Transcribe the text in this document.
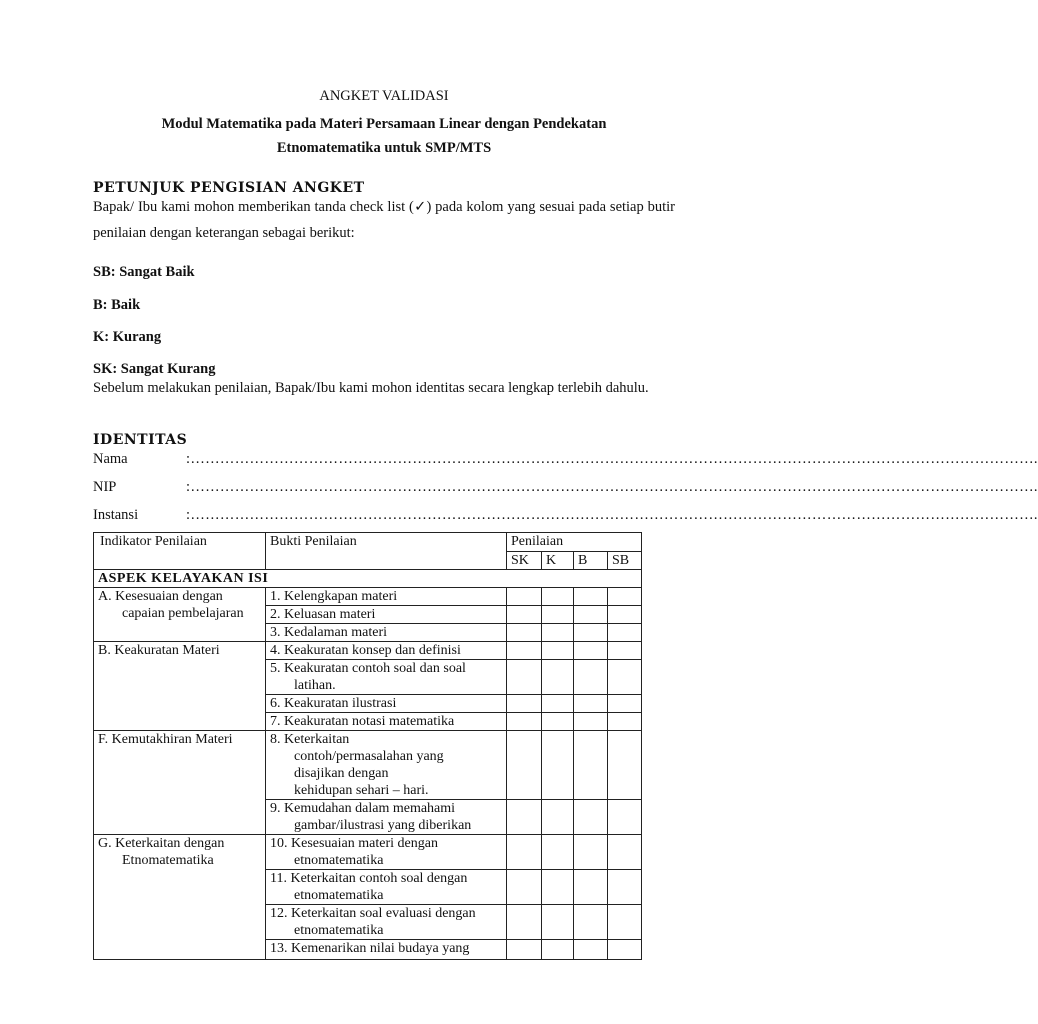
ANGKET VALIDASI
Modul Matematika pada Materi Persamaan Linear dengan Pendekatan
Etnomatematika untuk SMP/MTS
PETUNJUK PENGISIAN ANGKET
Bapak/ Ibu kami mohon memberikan tanda check list (✓) pada kolom yang sesuai pada setiap butir penilaian dengan keterangan sebagai berikut:
SB: Sangat Baik
B: Baik
K: Kurang
SK: Sangat Kurang
Sebelum melakukan penilaian, Bapak/Ibu kami mohon identitas secara lengkap terlebih dahulu.
IDENTITAS
Nama	:……………………………………………………………………………………………………………………………………………………….
NIP	:……………………………………………………………………………………………………………………………………………………….
Instansi	:……………………………………………………………………………………………………………………………………………………….
Indikator Penilaian	Bukti Penilaian	Penilaian			
		SK	K	B	SB
ASPEK KELAYAKAN ISI					

A. Kesesuaian dengan capaian pembelajaran	1. Kelengkapan materi				

	2. Keluasan materi				

	3. Kedalaman materi				

B. Keakuratan Materi	4. Keakuratan konsep dan definisi				

	5. Keakuratan contoh soal dan soal latihan.				

	6. Keakuratan ilustrasi				

	7. Keakuratan notasi matematika				

F. Kemutakhiran Materi	8. Keterkaitan contoh/permasalahan yang disajikan dengan kehidupan sehari – hari.				

	9. Kemudahan dalam memahami gambar/ilustrasi yang diberikan				

G. Keterkaitan dengan Etnomatematika	10. Kesesuaian materi dengan etnomatematika				

	11. Keterkaitan contoh soal dengan etnomatematika				

	12. Keterkaitan soal evaluasi dengan etnomatematika				

	13. Kemenarikan nilai budaya yang				
